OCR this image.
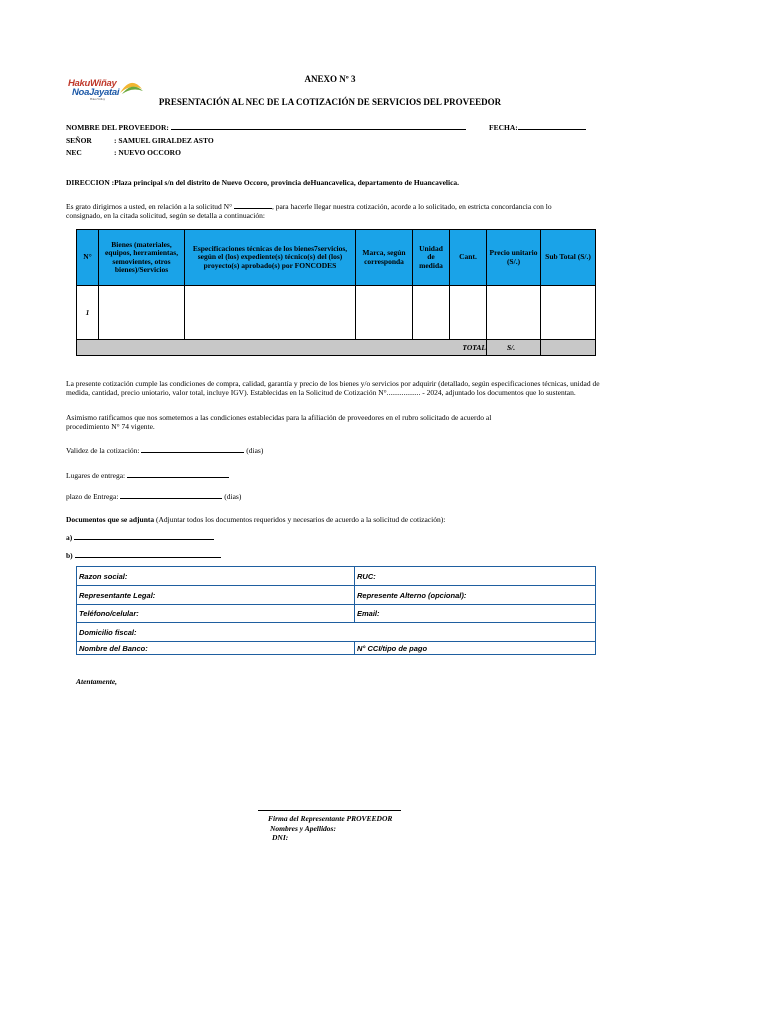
HakuWiñay
NoaJayatai
Haku Wiñay
ANEXO Nº 3
PRESENTACIÓN AL NEC DE LA COTIZACIÓN DE SERVICIOS DEL PROVEEDOR
NOMBRE DEL PROVEEDOR:	FECHA:
SEÑOR	: SAMUEL GIRALDEZ ASTO
NEC	: NUEVO OCCORO
DIRECCION :Plaza principal s/n del distrito de Nuevo Occoro, provincia deHuancavelica, departamento de Huancavelica.
Es grato dirigirnos a usted, en relación a la solicitud N°	, para hacerle llegar nuestra cotización, acorde a lo solicitado, en estricta concordancia con lo consignado, en la citada solicitud, según se detalla a continuación:
N°	Bienes (materiales, equipos, herramientas, semovientes, otros bienes)/Servicios	Especificaciones técnicas de los bienes7servicios, según el (los) expediente(s) técnico(s) del (los) proyecto(s) aprobado(s) por FONCODES	Marca, según corresponda	Unidad de medida	Cant.	Precio unitario (S/.)	Sub Total (S/.)
1							
TOTAL						S/.	
La presente cotización cumple las condiciones de compra, calidad, garantía y precio de los bienes y/o servicios por adquirir (detallado, según especificaciones técnicas, unidad de medida, cantidad, precio uniotario, valor total, incluye IGV). Establecidas en la Solicitud de Cotización N°.................. - 2024, adjuntado los documentos que lo sustentan.
Asimismo ratificamos que nos sometemos a las condiciones establecidas para la afiliación de proveedores en el rubro solicitado de acuerdo al procedimiento N° 74 vigente.
Validez de la cotización:	(dias)
Lugares de entrega:
plazo de Entrega:	(dias)
Documentos que se adjunta (Adjuntar todos los documentos requeridos y necesarios de acuerdo a la solicitud de cotización):
a)
b)
Razon social:	RUC:
Representante Legal:	Represente Alterno (opcional):
Teléfono/celular:	Email:
Domicilio fiscal:	
Nombre del Banco:	N° CCI/tipo de pago
Atentamente,
Firma del Representante PROVEEDOR
Nombres y Apellidos:
DNI:
